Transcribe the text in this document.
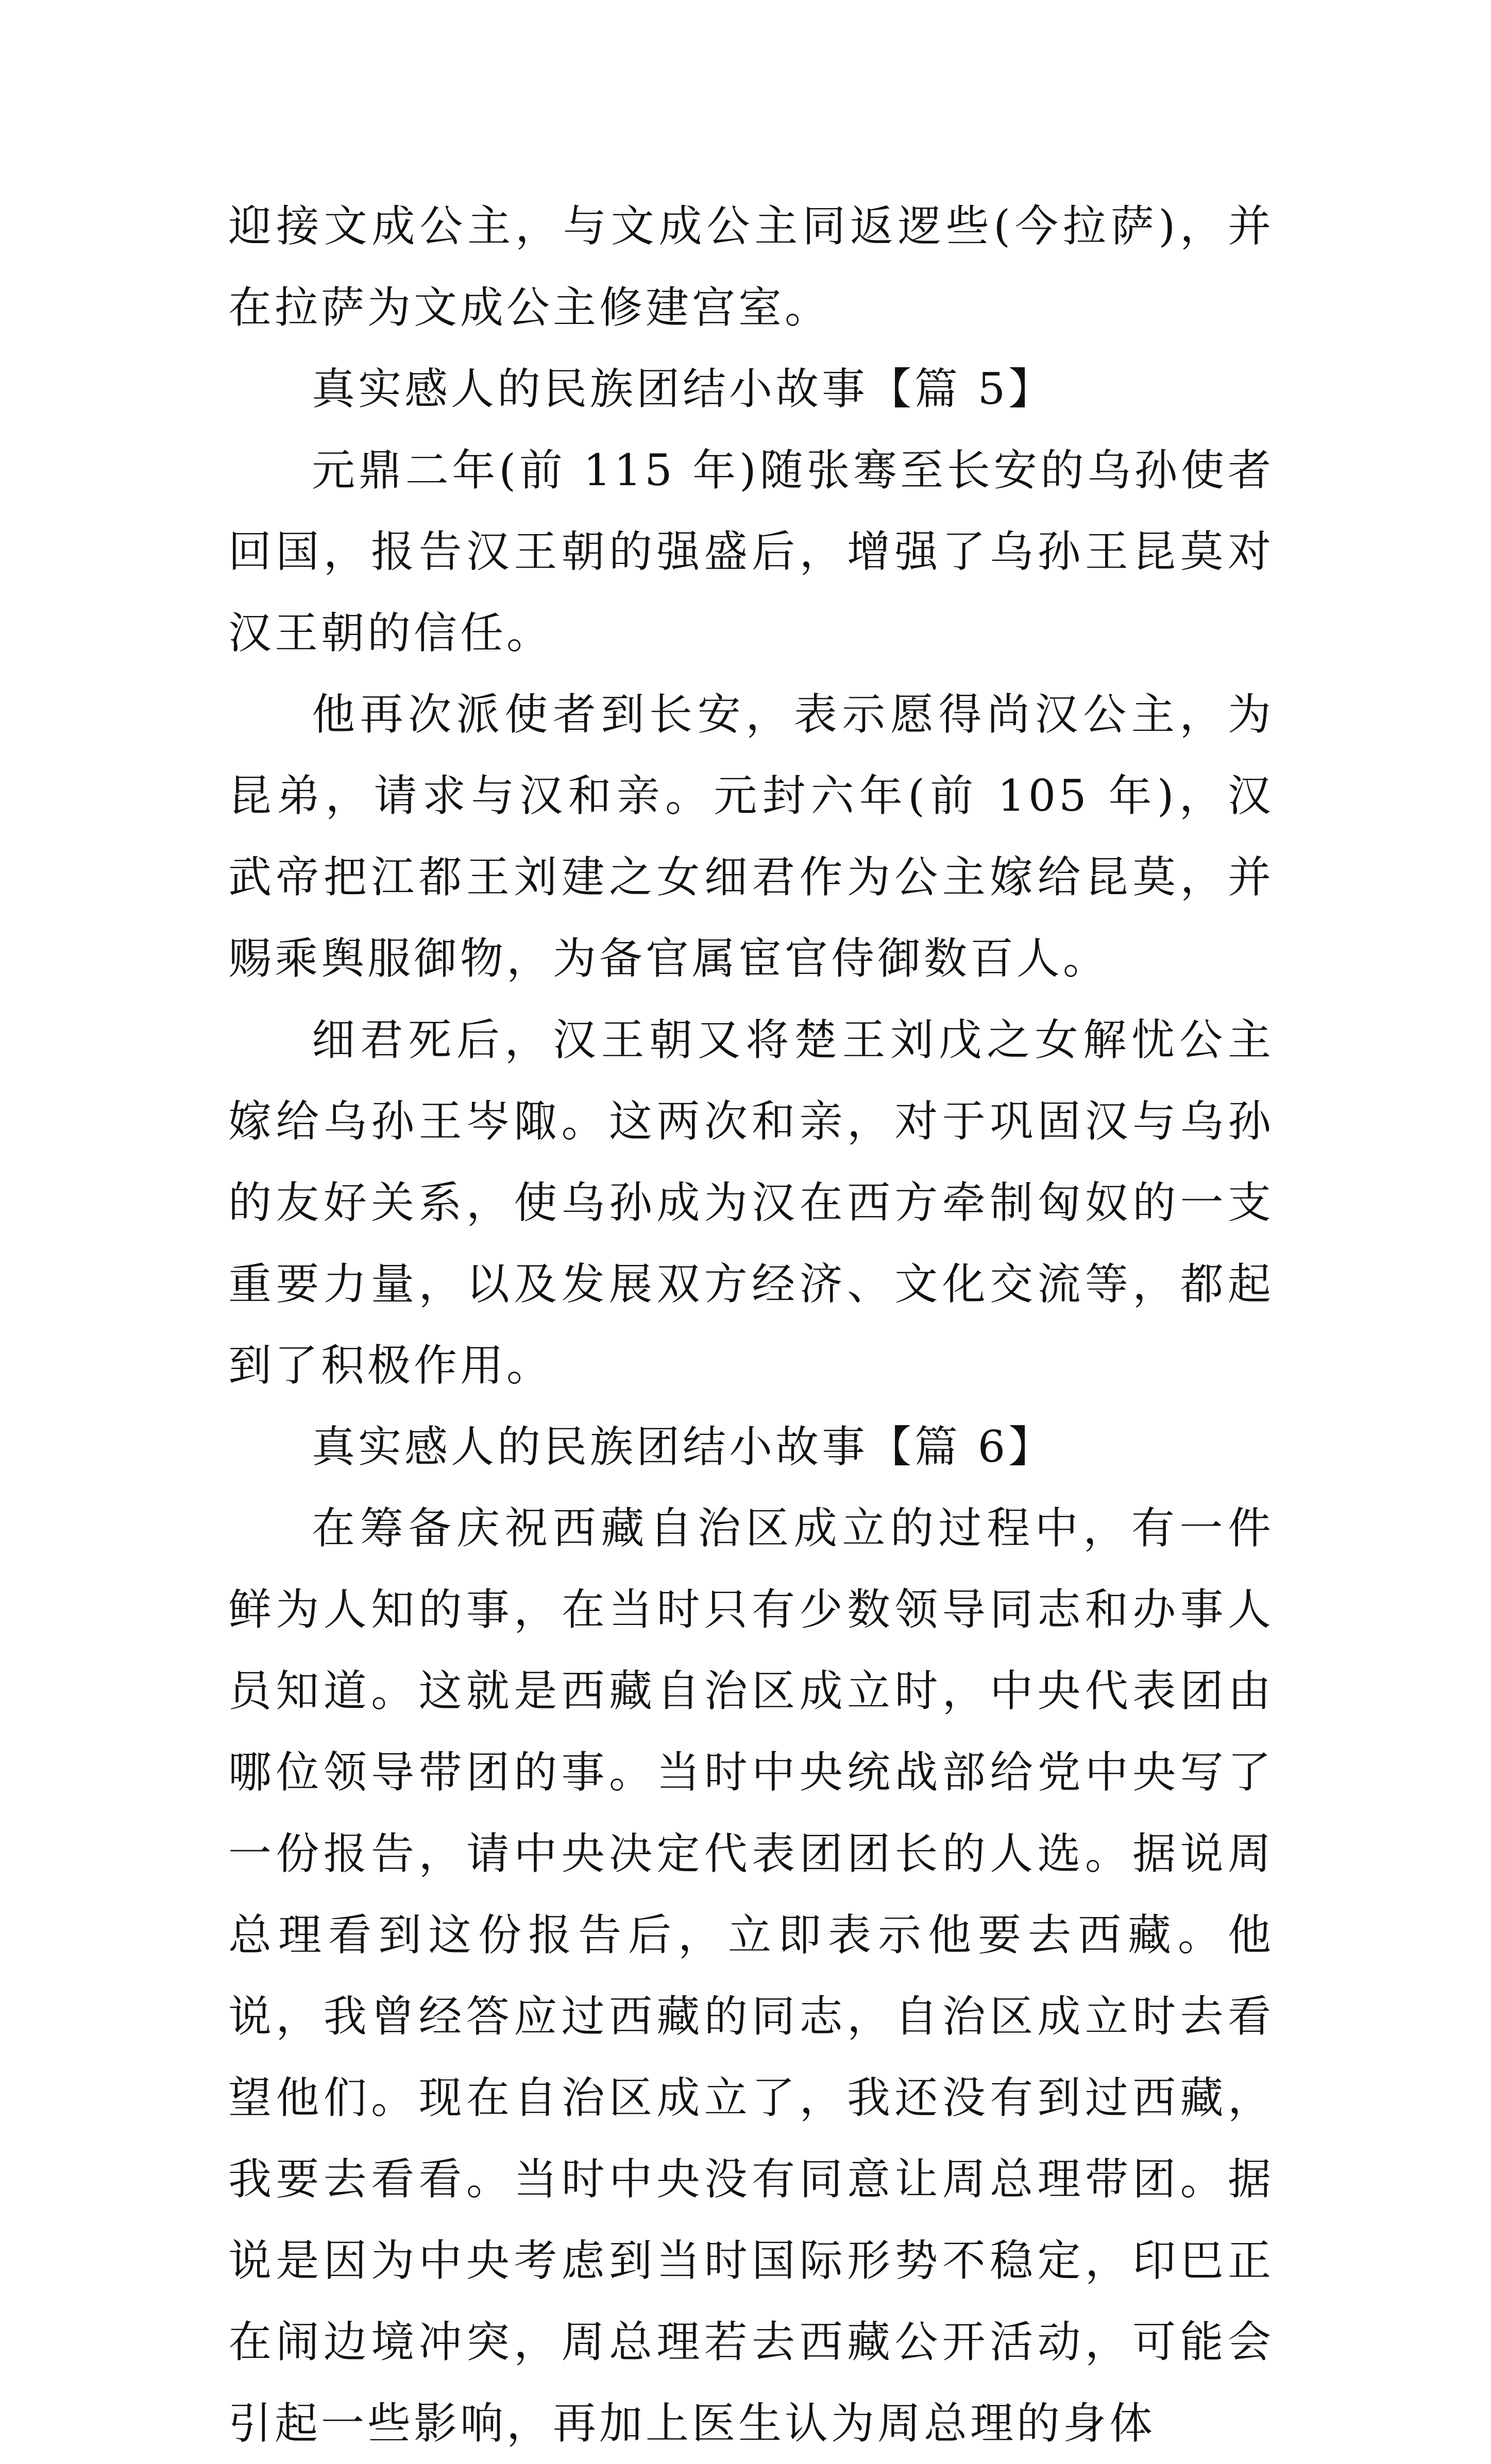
迎接文成公主，与文成公主同返逻些(今拉萨)，并在拉萨为文成公主修建宫室。

真实感人的民族团结小故事【篇 5】

元鼎二年(前 115 年)随张骞至长安的乌孙使者回国，报告汉王朝的强盛后，增强了乌孙王昆莫对汉王朝的信任。

他再次派使者到长安，表示愿得尚汉公主，为昆弟，请求与汉和亲。元封六年(前 105 年)，汉武帝把江都王刘建之女细君作为公主嫁给昆莫，并赐乘舆服御物，为备官属宦官侍御数百人。

细君死后，汉王朝又将楚王刘戊之女解忧公主嫁给乌孙王岑陬。这两次和亲，对于巩固汉与乌孙的友好关系，使乌孙成为汉在西方牵制匈奴的一支重要力量，以及发展双方经济、文化交流等，都起到了积极作用。

真实感人的民族团结小故事【篇 6】

在筹备庆祝西藏自治区成立的过程中，有一件鲜为人知的事，在当时只有少数领导同志和办事人员知道。这就是西藏自治区成立时，中央代表团由哪位领导带团的事。当时中央统战部给党中央写了一份报告，请中央决定代表团团长的人选。据说周总理看到这份报告后，立即表示他要去西藏。他说，我曾经答应过西藏的同志，自治区成立时去看望他们。现在自治区成立了，我还没有到过西藏，我要去看看。当时中央没有同意让周总理带团。据说是因为中央考虑到当时国际形势不稳定，印巴正在闹边境冲突，周总理若去西藏公开活动，可能会引起一些影响，再加上医生认为周总理的身体
